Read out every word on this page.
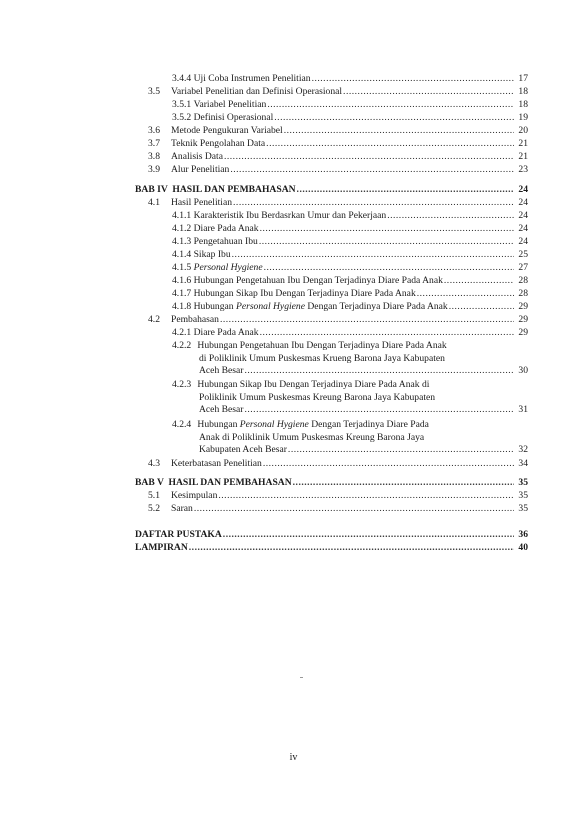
3.4.4
Uji Coba Instrumen Penelitian .....	17
3.5	Variabel Penelitian dan Definisi Operasional .....	18
3.5.1
Variabel Penelitian .....	18
3.5.2
Definisi Operasional .....	19
3.6	Metode Pengukuran Variabel .....	20
3.7	Teknik Pengolahan Data .....	21
3.8	Analisis Data .....	21
3.9	Alur Penelitian .....	23
BAB IV  HASIL DAN PEMBAHASAN .....	24
4.1	Hasil Penelitian .....	24
4.1.1
Karakteristik Ibu Berdasrkan Umur dan Pekerjaan .....	24
4.1.2
Diare Pada Anak .....	24
4.1.3
Pengetahuan Ibu .....	24
4.1.4
Sikap Ibu .....	25
4.1.5
Personal Hygiene .....	27
4.1.6
Hubungan Pengetahuan Ibu Dengan Terjadinya Diare Pada Anak .....	28
4.1.7
Hubungan Sikap Ibu Dengan Terjadinya Diare Pada Anak .....	28
4.1.8
Hubungan Personal Hygiene Dengan Terjadinya Diare Pada Anak .....	29
4.2	Pembahasan .....	29
4.2.1
Diare Pada Anak .....	29
4.2.2
Hubungan Pengetahuan Ibu Dengan Terjadinya Diare Pada Anak
di Poliklinik Umum Puskesmas Krueng Barona Jaya Kabupaten
Aceh Besar .....	30
4.2.3
Hubungan Sikap Ibu Dengan Terjadinya Diare Pada Anak di
Poliklinik Umum Puskesmas Kreung Barona Jaya Kabupaten
Aceh Besar .....	31
4.2.4
Hubungan Personal Hygiene Dengan Terjadinya Diare Pada
Anak di Poliklinik Umum Puskesmas Kreung Barona Jaya
Kabupaten Aceh Besar .....	32
4.3	Keterbatasan Penelitian .....	34
BAB V  HASIL DAN PEMBAHASAN .....	35
5.1	Kesimpulan .....	35
5.2	Saran .....	35
DAFTAR PUSTAKA .....	36
LAMPIRAN .....	40
iv
